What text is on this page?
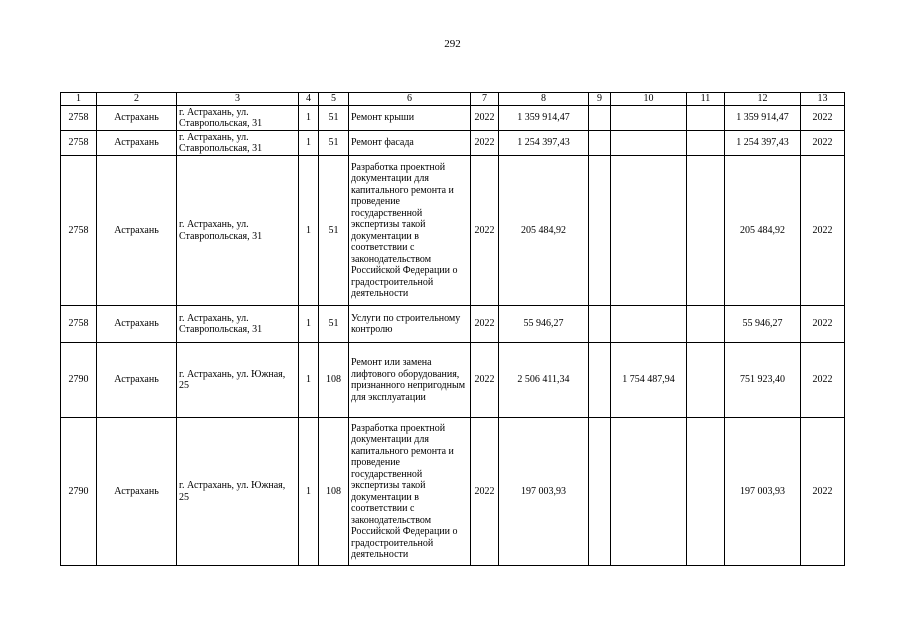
292
1	2	3	4	5	6	7	8	9	10	11	12	13
2758	Астрахань	г. Астрахань, ул. Ставропольская, 31	1	51	Ремонт крыши	2022	1 359 914,47				1 359 914,47	2022
2758	Астрахань	г. Астрахань, ул. Ставропольская, 31	1	51	Ремонт фасада	2022	1 254 397,43				1 254 397,43	2022
2758	Астрахань	г. Астрахань, ул. Ставропольская, 31	1	51	Разработка проектной документации для капитального ремонта и проведение государственной экспертизы такой документации в соответствии с законодательством Российской Федерации о градостроительной деятельности	2022	205 484,92				205 484,92	2022
2758	Астрахань	г. Астрахань, ул. Ставропольская, 31	1	51	Услуги по строительному контролю	2022	55 946,27				55 946,27	2022
2790	Астрахань	г. Астрахань, ул. Южная, 25	1	108	Ремонт или замена лифтового оборудования, признанного непригодным для эксплуатации	2022	2 506 411,34		1 754 487,94		751 923,40	2022
2790	Астрахань	г. Астрахань, ул. Южная, 25	1	108	Разработка проектной документации для капитального ремонта и проведение государственной экспертизы такой документации в соответствии с законодательством Российской Федерации о градостроительной деятельности	2022	197 003,93				197 003,93	2022
